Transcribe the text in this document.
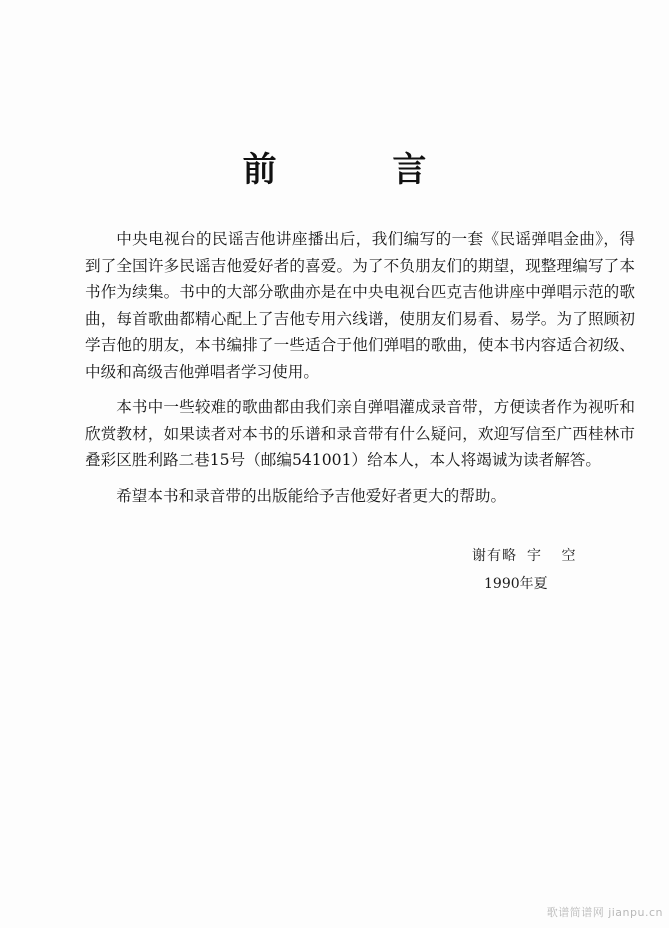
前 言

中央电视台的民谣吉他讲座播出后，我们编写的一套《民谣弹唱金曲》，得到了全国许多民谣吉他爱好者的喜爱。为了不负朋友们的期望，现整理编写了本书作为续集。书中的大部分歌曲亦是在中央电视台匹克吉他讲座中弹唱示范的歌曲，每首歌曲都精心配上了吉他专用六线谱，使朋友们易看、易学。为了照顾初学吉他的朋友，本书编排了一些适合于他们弹唱的歌曲，使本书内容适合初级、中级和高级吉他弹唱者学习使用。

本书中一些较难的歌曲都由我们亲自弹唱灌成录音带，方便读者作为视听和欣赏教材，如果读者对本书的乐谱和录音带有什么疑问，欢迎写信至广西桂林市叠彩区胜利路二巷15号（邮编541001）给本人，本人将竭诚为读者解答。

希望本书和录音带的出版能给予吉他爱好者更大的帮助。

谢有略 宇 空
1990年夏
歌谱简谱网 jianpu.cn
